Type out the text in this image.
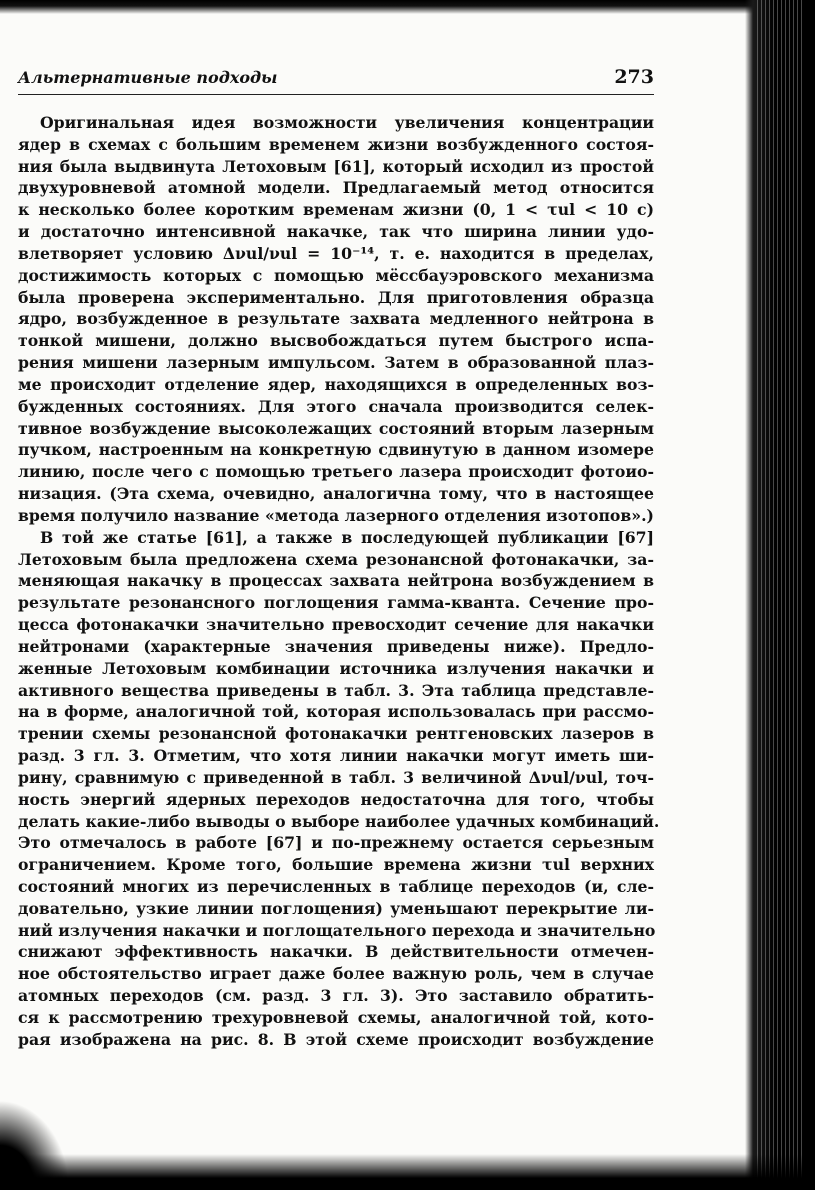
Альтернативные подходы	273
Оригинальная идея возможности увеличения концентрации
ядер в схемах с большим временем жизни возбужденного состоя-
ния была выдвинута Летоховым [61], который исходил из простой
двухуровневой атомной модели. Предлагаемый метод относится
к несколько более коротким временам жизни (0, 1 < τul < 10 с)
и достаточно интенсивной накачке, так что ширина линии удо-
влетворяет условию Δνul/νul = 10⁻¹⁴, т. е. находится в пределах,
достижимость которых с помощью мёссбауэровского механизма
была проверена экспериментально. Для приготовления образца
ядро, возбужденное в результате захвата медленного нейтрона в
тонкой мишени, должно высвобождаться путем быстрого испа-
рения мишени лазерным импульсом. Затем в образованной плаз-
ме происходит отделение ядер, находящихся в определенных воз-
бужденных состояниях. Для этого сначала производится селек-
тивное возбуждение высоколежащих состояний вторым лазерным
пучком, настроенным на конкретную сдвинутую в данном изомере
линию, после чего с помощью третьего лазера происходит фотоио-
низация. (Эта схема, очевидно, аналогична тому, что в настоящее
время получило название «метода лазерного отделения изотопов».)
В той же статье [61], а также в последующей публикации [67]
Летоховым была предложена схема резонансной фотонакачки, за-
меняющая накачку в процессах захвата нейтрона возбуждением в
результате резонансного поглощения гамма-кванта. Сечение про-
цесса фотонакачки значительно превосходит сечение для накачки
нейтронами (характерные значения приведены ниже). Предло-
женные Летоховым комбинации источника излучения накачки и
активного вещества приведены в табл. 3. Эта таблица представле-
на в форме, аналогичной той, которая использовалась при рассмо-
трении схемы резонансной фотонакачки рентгеновских лазеров в
разд. 3 гл. 3. Отметим, что хотя линии накачки могут иметь ши-
рину, сравнимую с приведенной в табл. 3 величиной Δνul/νul, точ-
ность энергий ядерных переходов недостаточна для того, чтобы
делать какие-либо выводы о выборе наиболее удачных комбинаций.
Это отмечалось в работе [67] и по-прежнему остается серьезным
ограничением. Кроме того, большие времена жизни τul верхних
состояний многих из перечисленных в таблице переходов (и, сле-
довательно, узкие линии поглощения) уменьшают перекрытие ли-
ний излучения накачки и поглощательного перехода и значительно
снижают эффективность накачки. В действительности отмечен-
ное обстоятельство играет даже более важную роль, чем в случае
атомных переходов (см. разд. 3 гл. 3). Это заставило обратить-
ся к рассмотрению трехуровневой схемы, аналогичной той, кото-
рая изображена на рис. 8. В этой схеме происходит возбуждение
